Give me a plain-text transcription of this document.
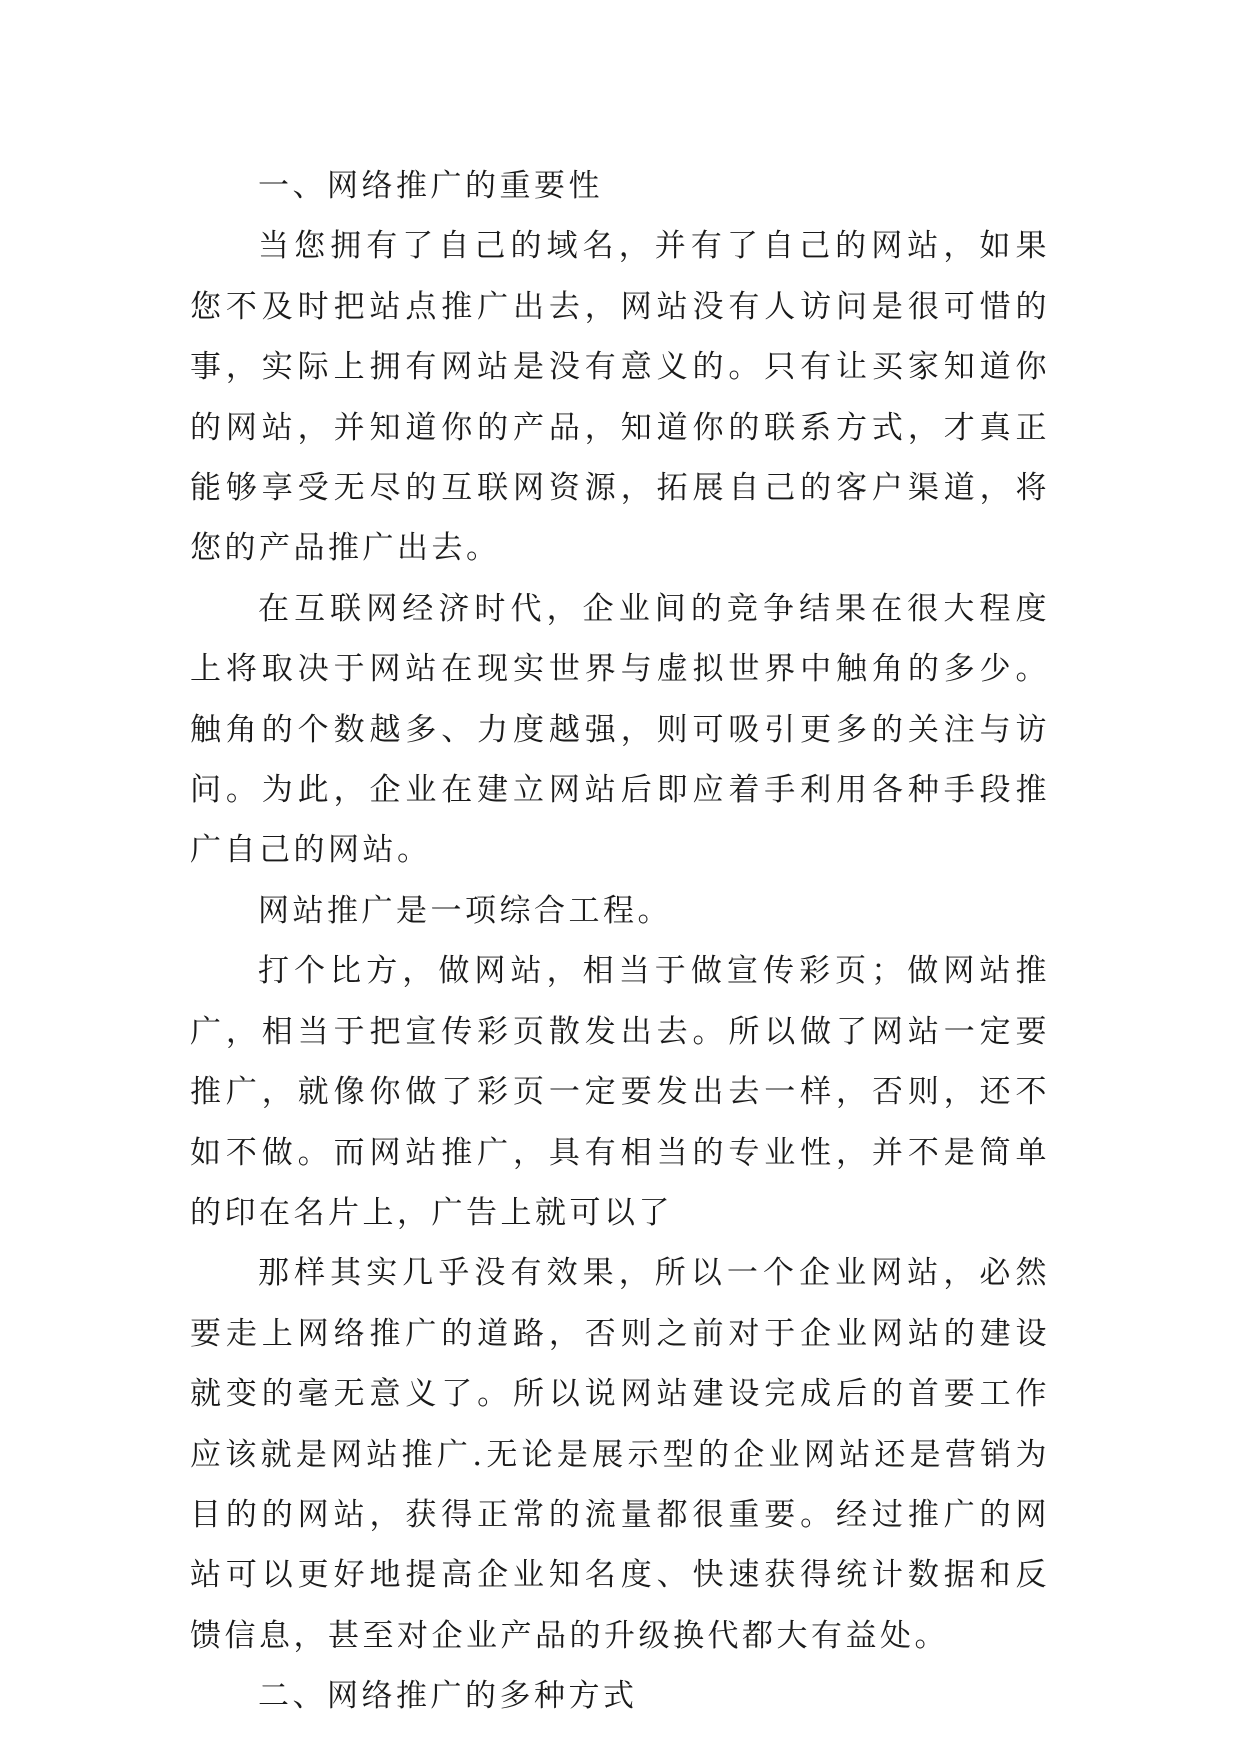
一、网络推广的重要性

当您拥有了自己的域名，并有了自己的网站，如果您不及时把站点推广出去，网站没有人访问是很可惜的事，实际上拥有网站是没有意义的。只有让买家知道你的网站，并知道你的产品，知道你的联系方式，才真正能够享受无尽的互联网资源，拓展自己的客户渠道，将您的产品推广出去。

在互联网经济时代，企业间的竞争结果在很大程度上将取决于网站在现实世界与虚拟世界中触角的多少。触角的个数越多、力度越强，则可吸引更多的关注与访问。为此，企业在建立网站后即应着手利用各种手段推广自己的网站。

网站推广是一项综合工程。

打个比方，做网站，相当于做宣传彩页；做网站推广，相当于把宣传彩页散发出去。所以做了网站一定要推广，就像你做了彩页一定要发出去一样，否则，还不如不做。而网站推广，具有相当的专业性，并不是简单的印在名片上，广告上就可以了

那样其实几乎没有效果，所以一个企业网站，必然要走上网络推广的道路，否则之前对于企业网站的建设就变的毫无意义了。所以说网站建设完成后的首要工作应该就是网站推广.无论是展示型的企业网站还是营销为目的的网站，获得正常的流量都很重要。经过推广的网站可以更好地提高企业知名度、快速获得统计数据和反馈信息，甚至对企业产品的升级换代都大有益处。

二、网络推广的多种方式
